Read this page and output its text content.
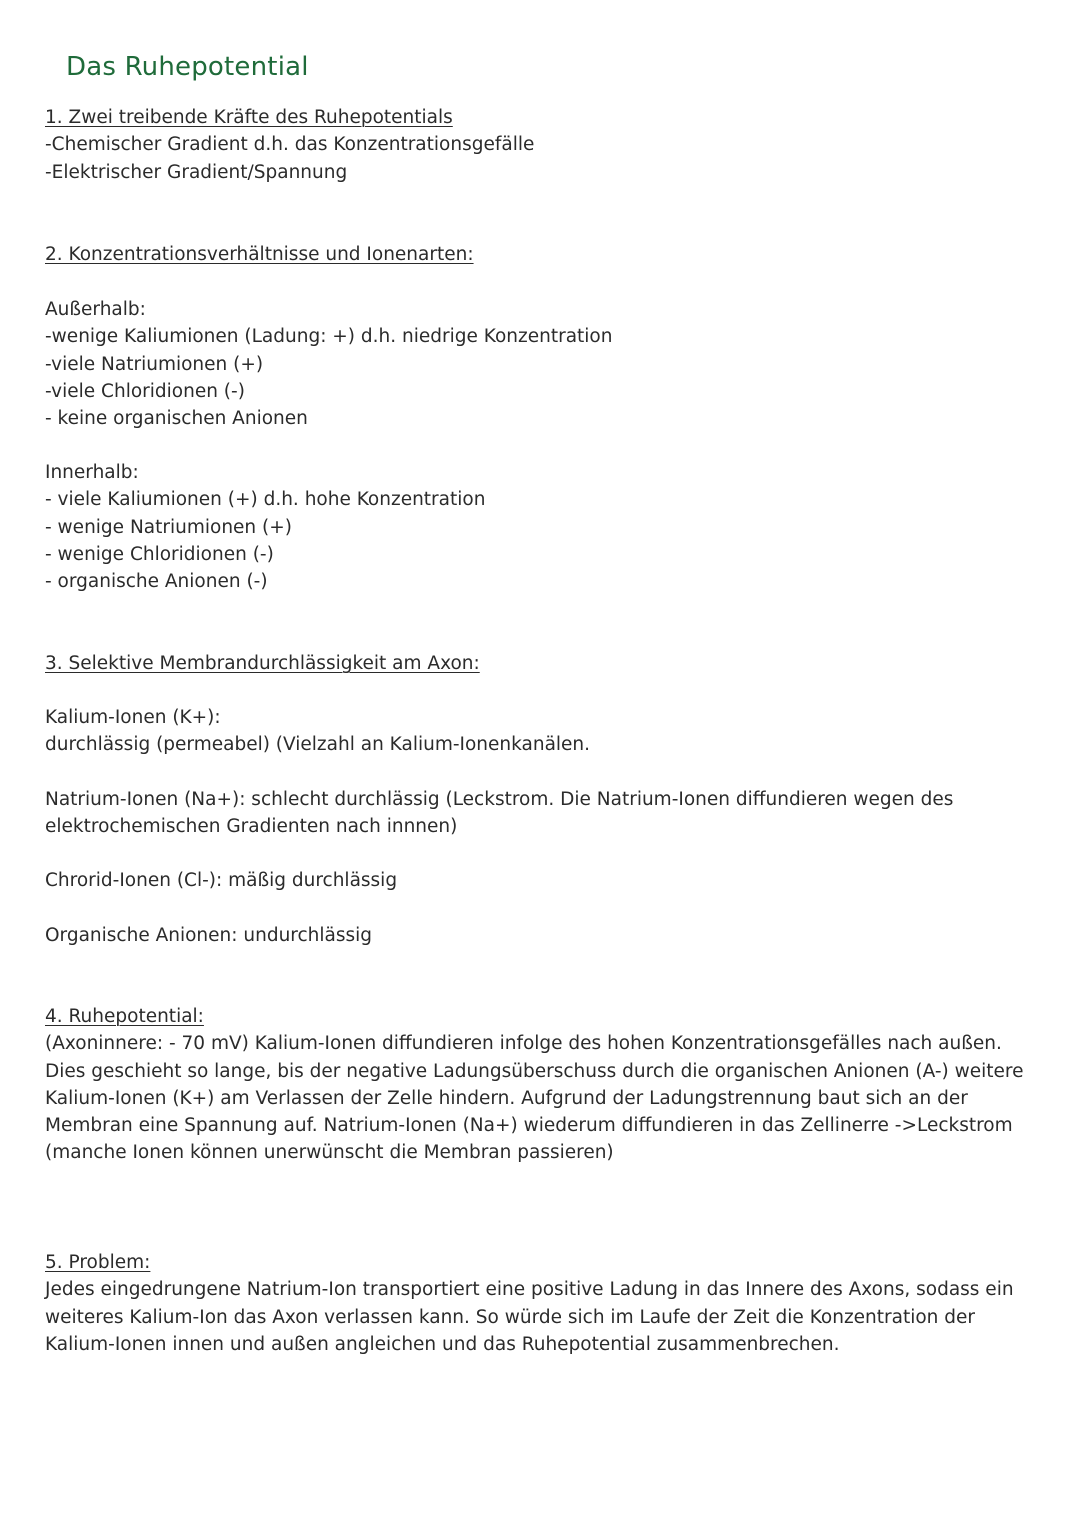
Das Ruhepotential
1. Zwei treibende Kräfte des Ruhepotentials
-Chemischer Gradient d.h. das Konzentrationsgefälle
-Elektrischer Gradient/Spannung
2. Konzentrationsverhältnisse und Ionenarten:
Außerhalb:
-wenige Kaliumionen (Ladung: +) d.h. niedrige Konzentration
-viele Natriumionen (+)
-viele Chloridionen (-)
- keine organischen Anionen
Innerhalb:
- viele Kaliumionen (+) d.h. hohe Konzentration
- wenige Natriumionen (+)
- wenige Chloridionen (-)
- organische Anionen (-)
3. Selektive Membrandurchlässigkeit am Axon:
Kalium-Ionen (K+):
durchlässig (permeabel) (Vielzahl an Kalium-Ionenkanälen.
Natrium-Ionen (Na+): schlecht durchlässig (Leckstrom. Die Natrium-Ionen diffundieren wegen des elektrochemischen Gradienten nach innnen)
Chrorid-Ionen (Cl-): mäßig durchlässig
Organische Anionen: undurchlässig
4. Ruhepotential:
(Axoninnere: - 70 mV) Kalium-Ionen diffundieren infolge des hohen Konzentrationsgefälles nach außen. Dies geschieht so lange, bis der negative Ladungsüberschuss durch die organischen Anionen (A-) weitere Kalium-Ionen (K+) am Verlassen der Zelle hindern. Aufgrund der Ladungstrennung baut sich an der Membran eine Spannung auf. Natrium-Ionen (Na+) wiederum diffundieren in das Zellinerre ->Leckstrom (manche Ionen können unerwünscht die Membran passieren)
5. Problem:
Jedes eingedrungene Natrium-Ion transportiert eine positive Ladung in das Innere des Axons, sodass ein weiteres Kalium-Ion das Axon verlassen kann. So würde sich im Laufe der Zeit die Konzentration der Kalium-Ionen innen und außen angleichen und das Ruhepotential zusammenbrechen.
